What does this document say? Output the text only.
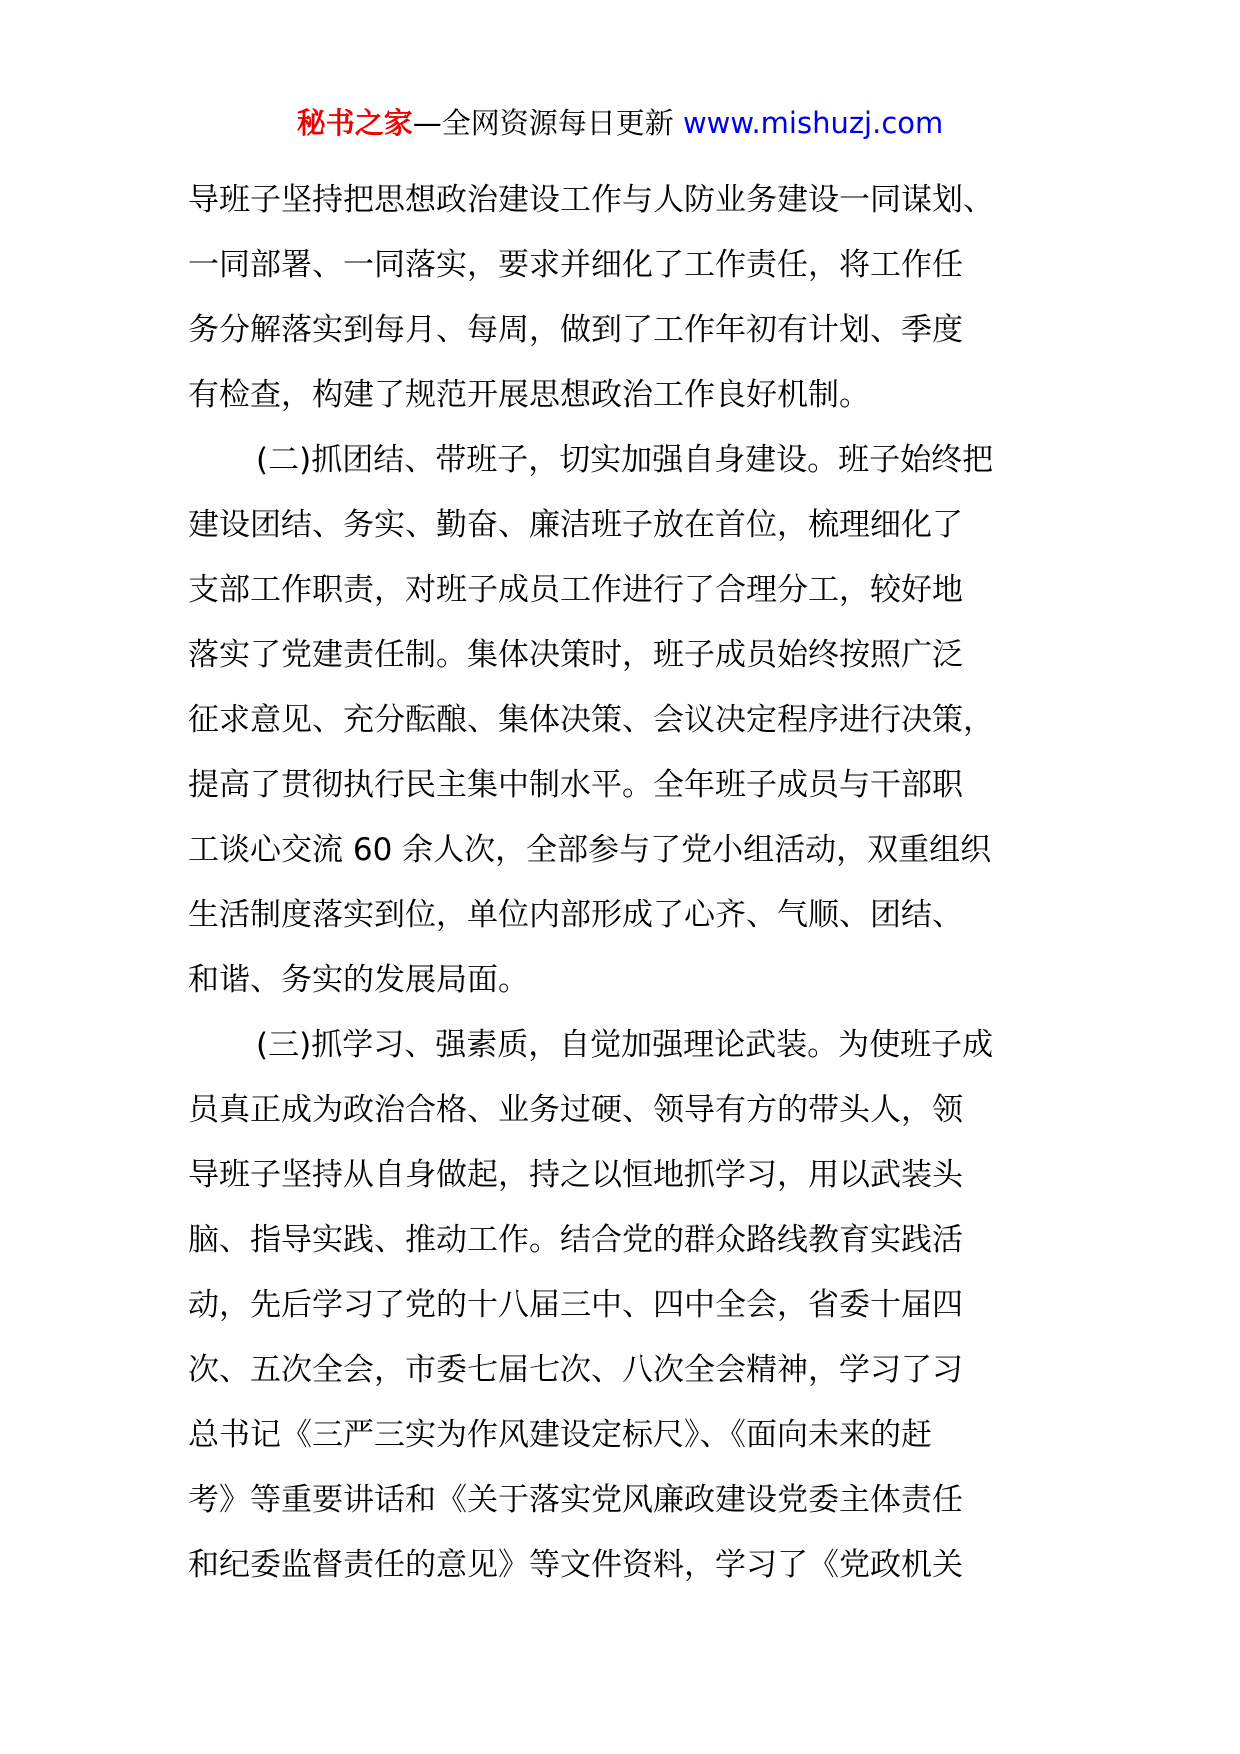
秘书之家—全网资源每日更新 www.mishuzj.com
导班子坚持把思想政治建设工作与人防业务建设一同谋划、
一同部署、一同落实，要求并细化了工作责任，将工作任
务分解落实到每月、每周，做到了工作年初有计划、季度
有检查，构建了规范开展思想政治工作良好机制。
(二)抓团结、带班子，切实加强自身建设。班子始终把
建设团结、务实、勤奋、廉洁班子放在首位，梳理细化了
支部工作职责，对班子成员工作进行了合理分工，较好地
落实了党建责任制。集体决策时，班子成员始终按照广泛
征求意见、充分酝酿、集体决策、会议决定程序进行决策，
提高了贯彻执行民主集中制水平。全年班子成员与干部职
工谈心交流 60 余人次，全部参与了党小组活动，双重组织
生活制度落实到位，单位内部形成了心齐、气顺、团结、
和谐、务实的发展局面。
(三)抓学习、强素质，自觉加强理论武装。为使班子成
员真正成为政治合格、业务过硬、领导有方的带头人，领
导班子坚持从自身做起，持之以恒地抓学习，用以武装头
脑、指导实践、推动工作。结合党的群众路线教育实践活
动，先后学习了党的十八届三中、四中全会，省委十届四
次、五次全会，市委七届七次、八次全会精神，学习了习
总书记《三严三实为作风建设定标尺》、《面向未来的赶
考》等重要讲话和《关于落实党风廉政建设党委主体责任
和纪委监督责任的意见》等文件资料，学习了《党政机关
